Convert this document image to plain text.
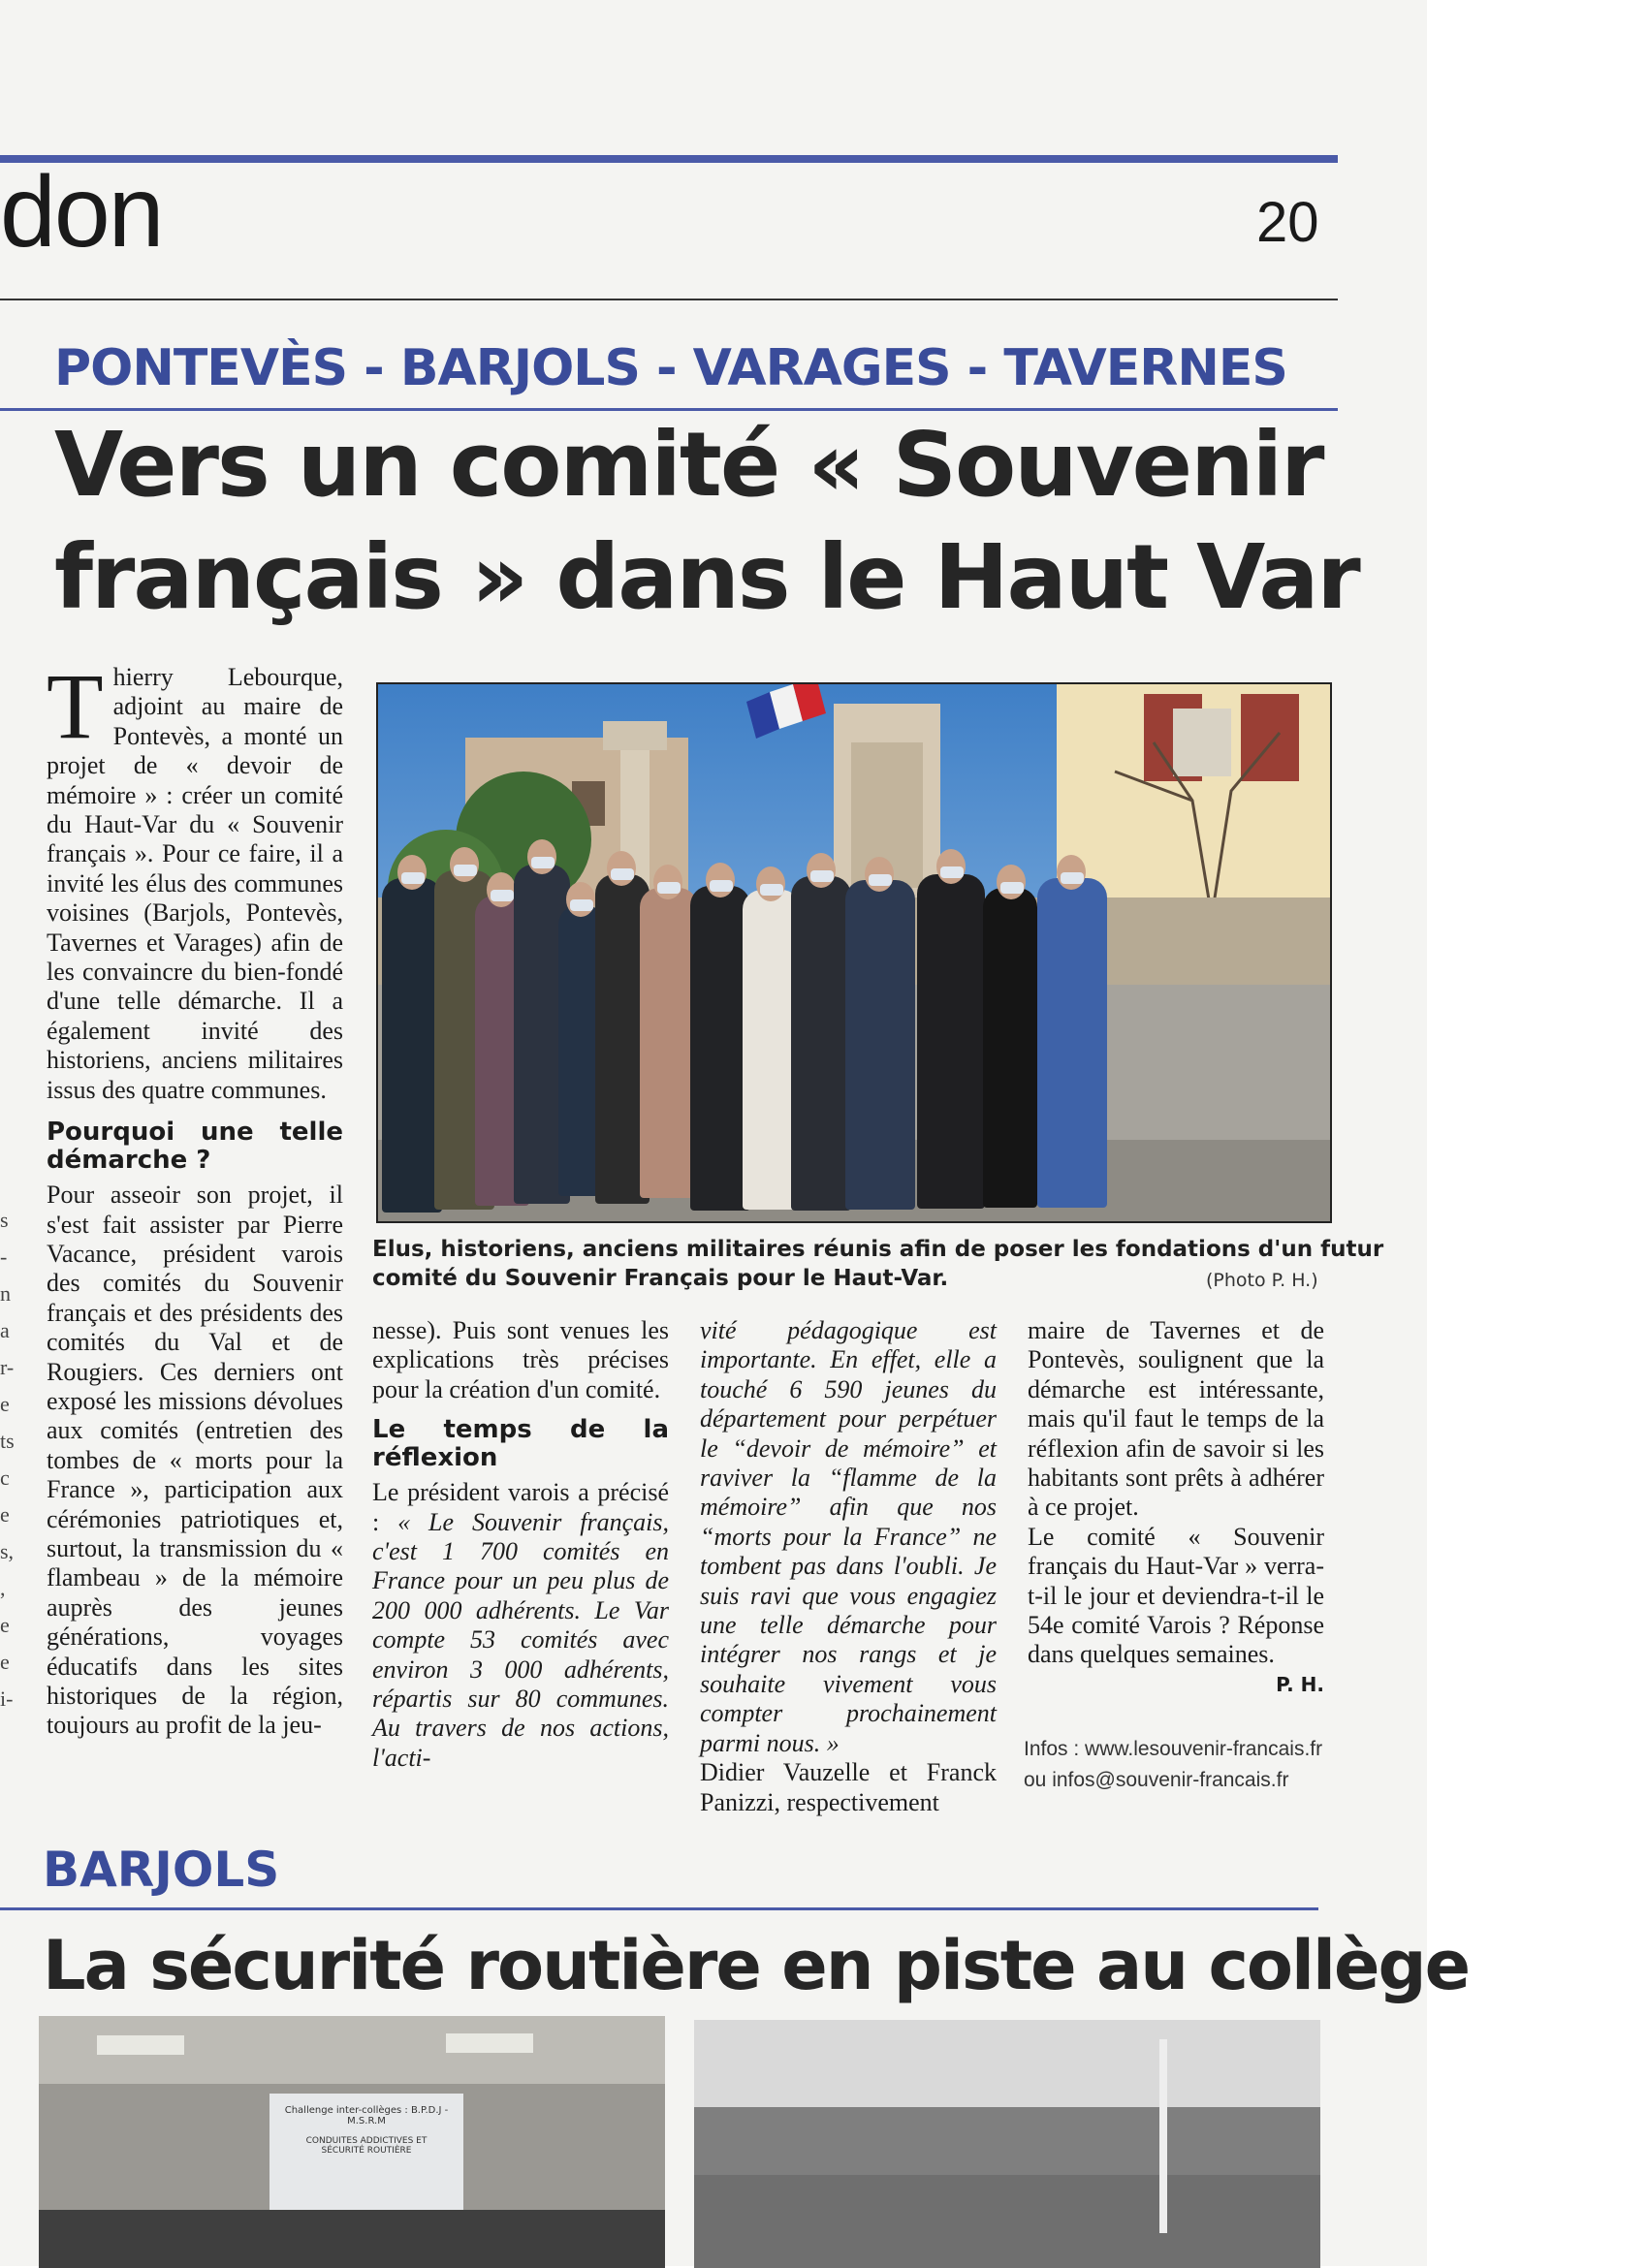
s
-
n
a
r-
e
ts
c
e
s,
,
e
e
i-
don	20
PONTEVÈS - BARJOLS - VARAGES - TAVERNES
Vers un comité « Souvenir
français » dans le Haut Var

Thierry Lebourque, adjoint au maire de Pontevès, a monté un projet de « devoir de mémoire » : créer un comité du Haut-Var du « Souvenir français ». Pour ce faire, il a invité les élus des communes voisines (Barjols, Pontevès, Tavernes et Varages) afin de les convaincre du bien-fondé d'une telle démarche. Il a également invité des historiens, anciens militaires issus des quatre communes.

Pourquoi une telle démarche ?

Pour asseoir son projet, il s'est fait assister par Pierre Vacance, président varois des comités du Souvenir français et des présidents des comités du Val et de Rougiers. Ces derniers ont exposé les missions dévolues aux comités (entretien des tombes de « morts pour la France », participation aux cérémonies patriotiques et, surtout, la transmission du « flambeau » de la mémoire auprès des jeunes générations, voyages éducatifs dans les sites historiques de la région, toujours au profit de la jeu-

Elus, historiens, anciens militaires réunis afin de poser les fondations d'un futur
comité du Souvenir Français pour le Haut-Var.	(Photo P. H.)

nesse). Puis sont venues les explications très précises pour la création d'un comité.

Le temps de la réflexion

Le président varois a précisé : « Le Souvenir français, c'est 1 700 comités en France pour un peu plus de 200 000 adhérents. Le Var compte 53 comités avec environ 3 000 adhérents, répartis sur 80 communes. Au travers de nos actions, l'acti-

vité pédagogique est importante. En effet, elle a touché 6 590 jeunes du département pour perpétuer le “devoir de mémoire” et raviver la “flamme de la mémoire” afin que nos “morts pour la France” ne tombent pas dans l'oubli. Je suis ravi que vous engagiez une telle démarche pour intégrer nos rangs et je souhaite vivement vous compter prochainement parmi nous. »

Didier Vauzelle et Franck Panizzi, respectivement

maire de Tavernes et de Pontevès, soulignent que la démarche est intéressante, mais qu'il faut le temps de la réflexion afin de savoir si les habitants sont prêts à adhérer à ce projet.

Le comité « Souvenir français du Haut-Var » verra-t-il le jour et deviendra-t-il le 54e comité Varois ? Réponse dans quelques semaines.

P. H.
Infos : www.lesouvenir-francais.fr
ou infos@souvenir-francais.fr
BARJOLS
La sécurité routière en piste au collège
Challenge inter-collèges : B.P.D.J - M.S.R.M
CONDUITES ADDICTIVES ET SÉCURITÉ ROUTIÈRE
